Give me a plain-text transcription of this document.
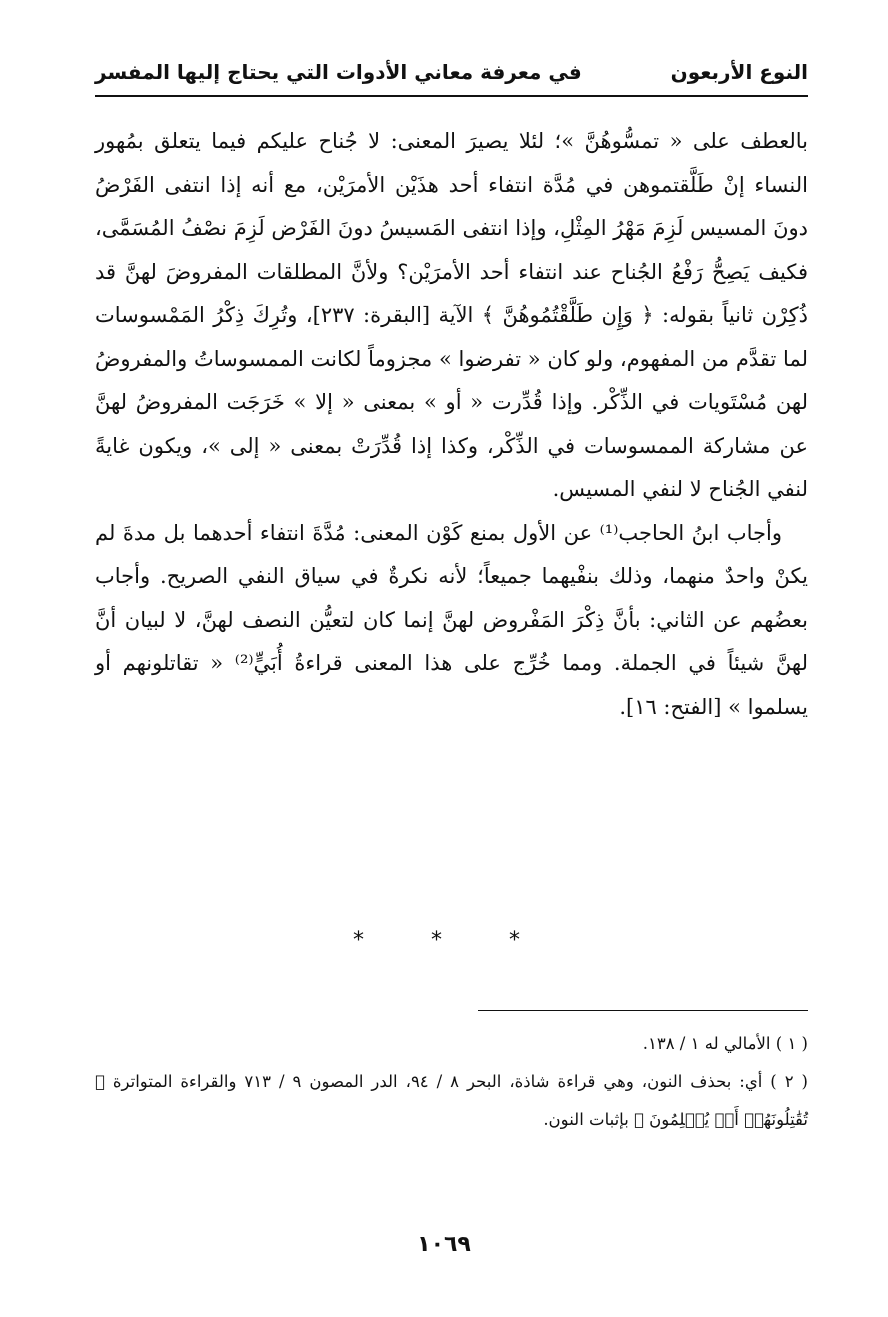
النوع الأربعون
في معرفة معاني الأدوات التي يحتاج إليها المفسر

بالعطف على « تمسُّوهُنَّ »؛ لئلا يصيرَ المعنى: لا جُناح عليكم فيما يتعلق بمُهور النساء إنْ طَلَّقتموهن في مُدَّة انتفاء أحد هذَيْن الأمرَيْن، مع أنه إذا انتفى الفَرْضُ دونَ المسيس لَزِمَ مَهْرُ المِثْلِ، وإذا انتفى المَسيسُ دونَ الفَرْض لَزِمَ نصْفُ المُسَمَّى، فكيف يَصِحُّ رَفْعُ الجُناح عند انتفاء أحد الأمرَيْن؟ ولأنَّ المطلقات المفروضَ لهنَّ قد ذُكِرْن ثانياً بقوله: ﴿ وَإِن طَلَّقْتُمُوهُنَّ ﴾ الآية [البقرة: ٢٣٧]، وتُرِكَ ذِكْرُ المَمْسوسات لما تقدَّم من المفهوم، ولو كان « تفرضوا » مجزوماً لكانت الممسوساتُ والمفروضُ لهن مُسْتَويات في الذِّكْر. وإذا قُدِّرت « أو » بمعنى « إلا » خَرَجَت المفروضُ لهنَّ عن مشاركة الممسوسات في الذِّكْر، وكذا إذا قُدِّرَتْ بمعنى « إلى »، ويكون غايةً لنفي الجُناح لا لنفي المسيس.

وأجاب ابنُ الحاجب⁽¹⁾ عن الأول بمنع كَوْن المعنى: مُدَّةَ انتفاء أحدهما بل مدةَ لم يكنْ واحدٌ منهما، وذلك بنفْيهما جميعاً؛ لأنه نكرةٌ في سياق النفي الصريح. وأجاب بعضُهم عن الثاني: بأنَّ ذِكْرَ المَفْروض لهنَّ إنما كان لتعيُّن النصف لهنَّ، لا لبيان أنَّ لهنَّ شيئاً في الجملة. ومما خُرِّج على هذا المعنى قراءةُ أُبَيٍّ⁽²⁾ « تقاتلونهم أو يسلموا » [الفتح: ١٦].

* * *

( ١ ) الأمالي له ١ / ١٣٨.

( ٢ ) أي: بحذف النون، وهي قراءة شاذة، البحر ٨ / ٩٤، الدر المصون ٩ / ٧١٣ والقراءة المتواترة ﴿ تُقَٰتِلُونَهُمۡ أَوۡ يُسۡلِمُونَ ﴾ بإثبات النون.

١٠٦٩
